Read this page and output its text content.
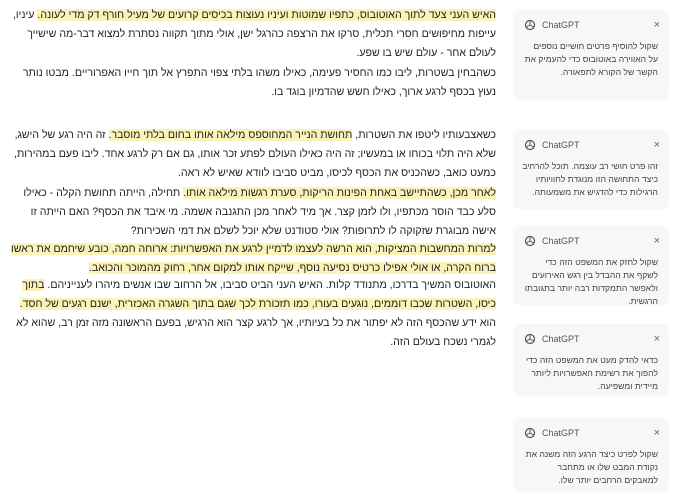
האיש העני צעד לתוך האוטובוס, כתפיו שמוטות ועיניו נעוצות בכיסים קרועים של מעיל חורף דק מדי לעונה. עיניו, עייפות מחיפושים חסרי תכלית, סרקו את הרצפה כהרגל ישן, אולי מתוך תקווה נסתרת למצוא דבר-מה שישייך לעולם אחר - עולם שיש בו שפע.
כשהבחין בשטרות, ליבו כמו החסיר פעימה, כאילו משהו בלתי צפוי התפרץ אל תוך חייו האפרוריים. מבטו נותר נעוץ בכסף לרגע ארוך, כאילו חשש שהדמיון בוגד בו.
כשאצבעותיו ליטפו את השטרות, תחושת הנייר המחוספס מילאה אותו בחום בלתי מוסבר. זה היה רגע של הישג, שלא היה תלוי בכוחו או במעשיו; זה היה כאילו העולם לפתע זכר אותו, גם אם רק לרגע אחד. ליבו פעם במהירות, כמעט כואב, כשהכניס את הכסף לכיסו, מביט סביבו לוודא שאיש לא ראה.
לאחר מכן, כשהתיישב באחת הפינות הריקות, סערת רגשות מילאה אותו. תחילה, הייתה תחושת הקלה - כאילו סלע כבד הוסר מכתפיו, ולו לזמן קצר. אך מיד לאחר מכן התגנבה אשמה. מי איבד את הכסף? האם הייתה זו אישה מבוגרת שזקוקה לו לתרופות? אולי סטודנט שלא יוכל לשלם את דמי השכירות?
למרות המחשבות המציקות, הוא הרשה לעצמו לדמיין לרגע את האפשרויות: ארוחה חמה, כובע שיחמם את ראשו ברוח הקרה, או אולי אפילו כרטיס נסיעה נוסף, שייקח אותו למקום אחר, רחוק מהמוכר והכואב.
האוטובוס המשיך בדרכו, מתנודד קלות. האיש העני הביט סביבו, אל הרחוב שבו אנשים מיהרו לענייניהם. בתוך כיסו, השטרות שכבו דוממים, נוגעים בעורו, כמו תזכורת לכך שגם בתוך השגרה האכזרית, ישנם רגעים של חסד. הוא ידע שהכסף הזה לא יפתור את כל בעיותיו, אך לרגע קצר הוא הרגיש, בפעם הראשונה מזה זמן רב, שהוא לא לגמרי נשכח בעולם הזה.
ChatGPT	×
שקול להוסיף פרטים חושיים נוספים על האווירה באוטובוס כדי להעמיק את הקשר של הקורא לתפאורה.
ChatGPT	×
זהו פרט חושי רב עוצמה. תוכל להרחיב כיצד התחושה הזו מנוגדת לחוויותיו הרגילות כדי להדגיש את משמעותה.
ChatGPT	×
שקול לחזק את המשפט הזה כדי לשקף את ההבדל בין רגש האירועים ולאפשר התמקדות רבה יותר בתגובתו הרגשית.
ChatGPT	×
כדאי להדק מעט את המשפט הזה כדי להפוך את רשימת האפשרויות ליותר מיידית ומשפיעה.
ChatGPT	×
שקול לפרט כיצד הרגע הזה משנה את נקודת המבט שלו או מתחבר למאבקים הרחבים יותר שלו.
